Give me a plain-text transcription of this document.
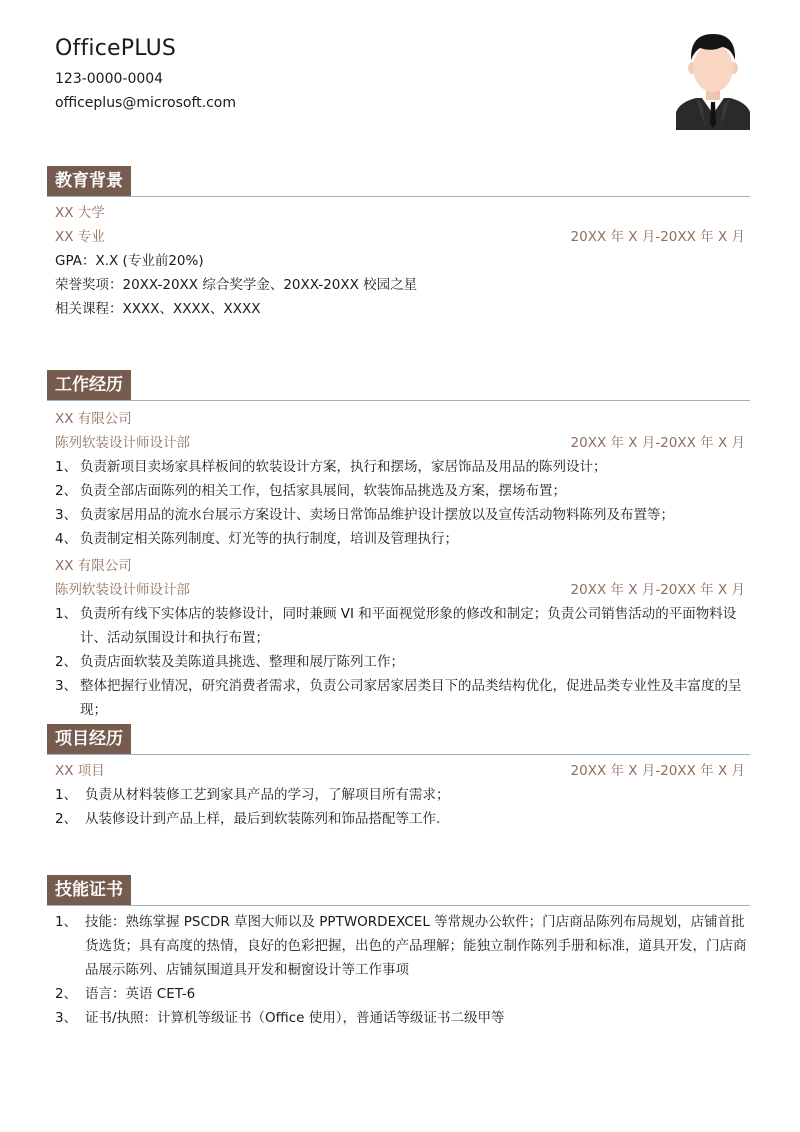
OfficePLUS
123-0000-0004
officeplus@microsoft.com
教育背景
XX 大学
XX 专业	20XX 年 X 月-20XX 年 X 月
GPA：X.X (专业前20%)
荣誉奖项：20XX-20XX 综合奖学金、20XX-20XX 校园之星
相关课程：XXXX、XXXX、XXXX
工作经历
XX 有限公司
陈列软装设计师设计部	20XX 年 X 月-20XX 年 X 月
1、 负责新项目卖场家具样板间的软装设计方案，执行和摆场，家居饰品及用品的陈列设计；
2、 负责全部店面陈列的相关工作，包括家具展间，软装饰品挑选及方案，摆场布置；
3、 负责家居用品的流水台展示方案设计、卖场日常饰品维护设计摆放以及宣传活动物料陈列及布置等；
4、 负责制定相关陈列制度、灯光等的执行制度，培训及管理执行；
XX 有限公司
陈列软装设计师设计部	20XX 年 X 月-20XX 年 X 月
1、 负责所有线下实体店的装修设计，同时兼顾 VI 和平面视觉形象的修改和制定；负责公司销售活动的平面物料设计、活动氛围设计和执行布置；
2、 负责店面软装及美陈道具挑选、整理和展厅陈列工作；
3、 整体把握行业情况，研究消费者需求，负责公司家居家居类目下的品类结构优化，促进品类专业性及丰富度的呈现；
项目经历
XX 项目	20XX 年 X 月-20XX 年 X 月
1、 负责从材料装修工艺到家具产品的学习，了解项目所有需求；
2、 从装修设计到产品上样，最后到软装陈列和饰品搭配等工作.
技能证书
1、 技能：熟练掌握 PSCDR 草图大师以及 PPTWORDEXCEL 等常规办公软件；门店商品陈列布局规划，店铺首批货选货；具有高度的热情，良好的色彩把握，出色的产品理解；能独立制作陈列手册和标准，道具开发，门店商品展示陈列、店铺氛围道具开发和橱窗设计等工作事项
2、 语言：英语 CET-6
3、 证书/执照：计算机等级证书（Office 使用），普通话等级证书二级甲等
